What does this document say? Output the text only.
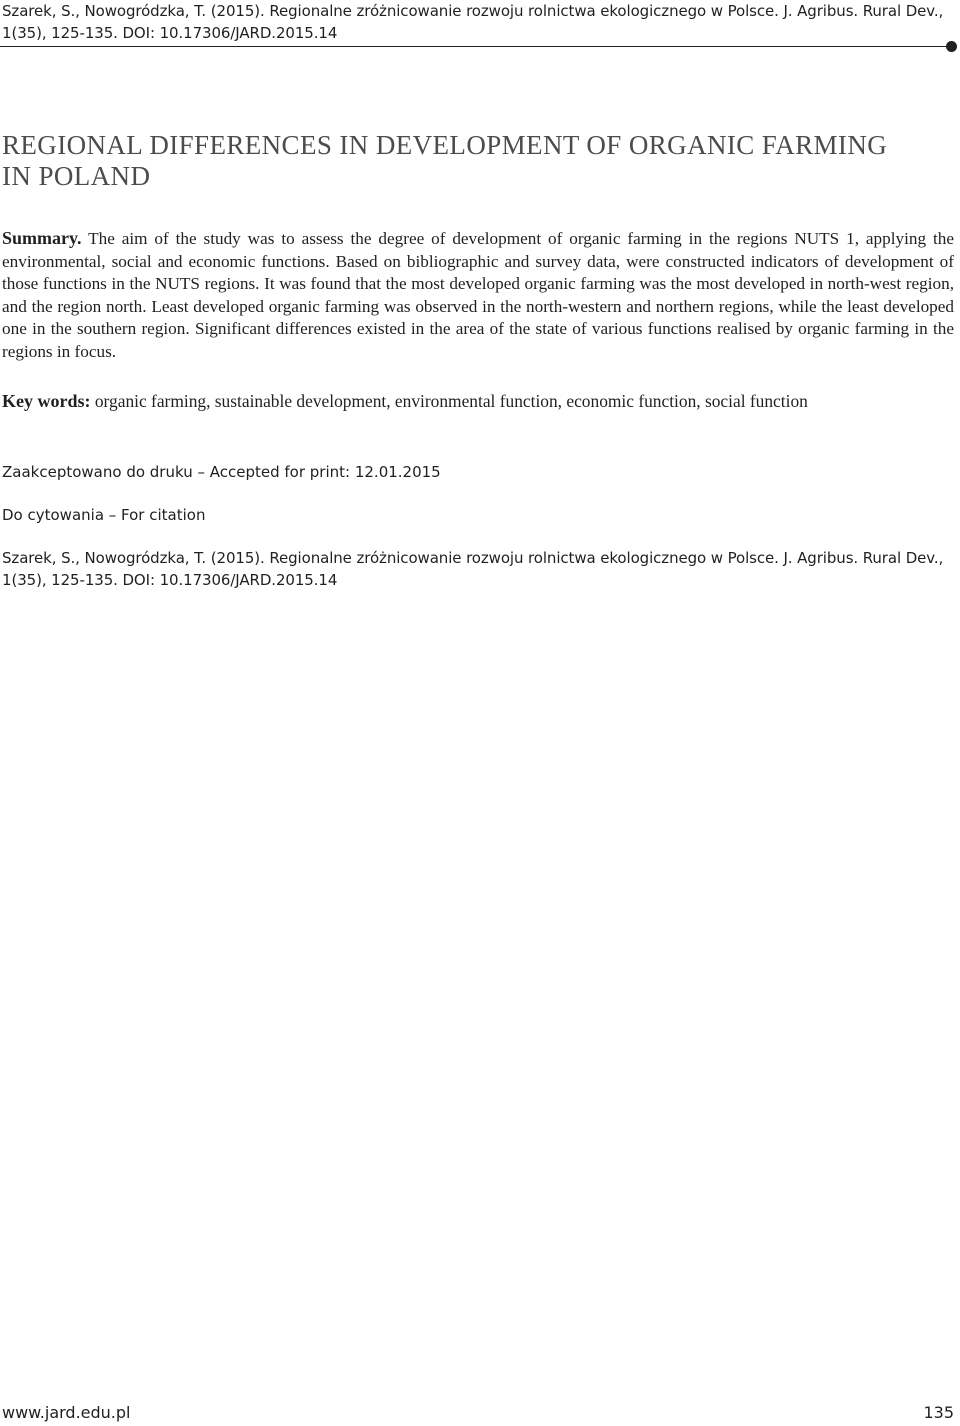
Szarek, S., Nowogródzka, T. (2015). Regionalne zróżnicowanie rozwoju rolnictwa ekologicznego w Polsce. J. Agribus. Rural Dev., 1(35), 125-135. DOI: 10.17306/JARD.2015.14
REGIONAL DIFFERENCES IN DEVELOPMENT OF ORGANIC FARMING IN POLAND

Summary. The aim of the study was to assess the degree of development of organic farming in the regions NUTS 1, applying the environmental, social and economic functions. Based on bibliographic and survey data, were constructed indicators of development of those functions in the NUTS regions. It was found that the most developed organic farming was the most developed in north-west region, and the region north. Least developed organic farming was observed in the north-western and northern regions, while the least developed one in the southern region. Significant differences existed in the area of the state of various functions realised by organic farming in the regions in focus.

Key words: organic farming, sustainable development, environmental function, economic function, social function

Zaakceptowano do druku – Accepted for print: 12.01.2015

Do cytowania – For citation

Szarek, S., Nowogródzka, T. (2015). Regionalne zróżnicowanie rozwoju rolnictwa ekologicznego w Polsce. J. Agribus. Rural Dev., 1(35), 125-135. DOI: 10.17306/JARD.2015.14

www.jard.edu.pl	135
